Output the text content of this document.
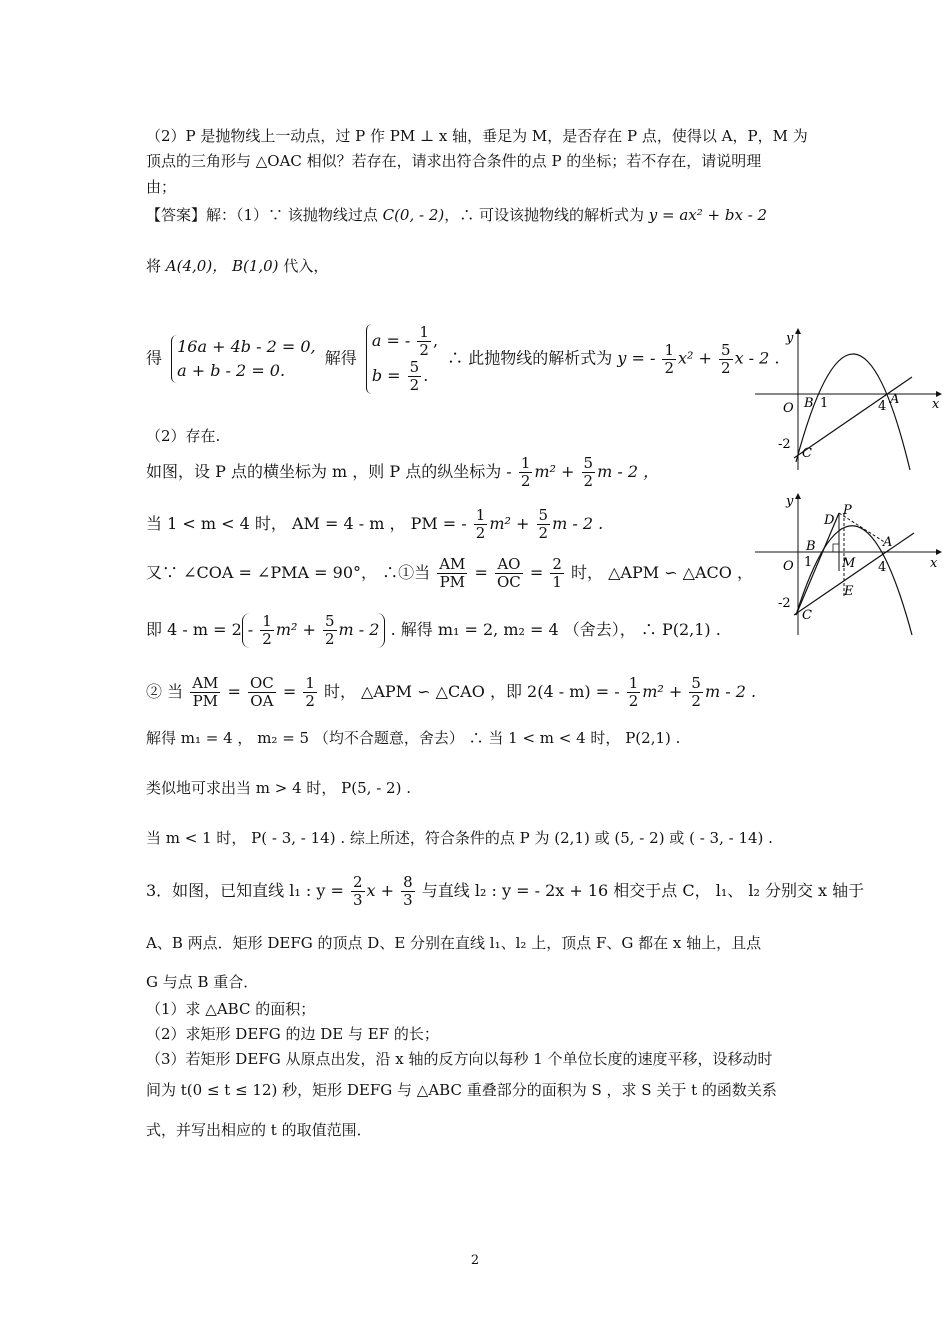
（2）P 是抛物线上一动点，过 P 作 PM ⊥ x 轴，垂足为 M，是否存在 P 点，使得以 A，P，M 为
顶点的三角形与 △OAC 相似？若存在，请求出符合条件的点 P 的坐标；若不存在，请说明理
由；
【答案】解：（1）∵ 该抛物线过点 C(0, - 2)，∴ 可设该抛物线的解析式为 y = ax² + bx - 2
将 A(4,0)， B(1,0) 代入，
得
16a + 4b - 2 = 0,
a + b - 2 = 0.
解得
a = - $\frac{1}{2}$ ,
$b = \frac{5}{2}$ .
∴ 此抛物线的解析式为 y = - $\frac{1}{2} x^2 + \frac{5}{2}$ x - 2 .
（2）存在.
如图，设 P 点的横坐标为 m ，则 P 点的纵坐标为 - $\frac{1}{2} m^2 + \frac{5}{2}$ m - 2 ，
当 1 < m < 4 时， AM = 4 - m ， PM = - $\frac{1}{2} m^2 + \frac{5}{2}$ m - 2 .
又∵ ∠COA = ∠PMA = 90°， ∴①当 $\frac{AM}{PM} = \frac{AO}{OC} = \frac{2}{1}$ 时， △APM ∽ △ACO ，
即 $4 - m = 2- \frac{1}{2} m^2 + \frac{5}{2}$ m - 2 . 解得 m₁ = 2, m₂ = 4 （舍去）， ∴ P(2,1) .
② 当 $\frac{AM}{PM} = \frac{OC}{OA} = \frac{1}{2}$ 时， △APM ∽ △CAO ，即 2(4 - m) = - $\frac{1}{2} m^2 + \frac{5}{2}$ m - 2 .
解得 m₁ = 4 ， m₂ = 5 （均不合题意，舍去） ∴ 当 1 < m < 4 时， P(2,1) .
类似地可求出当 m > 4 时， P(5, - 2) .
当 m < 1 时， P( - 3, - 14) . 综上所述，符合条件的点 P 为 (2,1) 或 (5, - 2) 或 ( - 3, - 14) .
3．如图，已知直线 l₁ : $y = \frac{2}{3}$ $x + \frac{8}{3}$ 与直线 l₂ : y = - 2x + 16 相交于点 C， l₁、 l₂ 分别交 x 轴于
A、B 两点．矩形 DEFG 的顶点 D、E 分别在直线 l₁、l₂ 上，顶点 F、G 都在 x 轴上，且点
G 与点 B 重合．
（1）求 △ABC 的面积；
（2）求矩形 DEFG 的边 DE 与 EF 的长；
（3）若矩形 DEFG 从原点出发，沿 x 轴的反方向以每秒 1 个单位长度的速度平移，设移动时
间为 t(0 ≤ t ≤ 12) 秒，矩形 DEFG 与 △ABC 重叠部分的面积为 S ，求 S 关于 t 的函数关系
式，并写出相应的 t 的取值范围．
y
x
O B 1	4 A
-2
C
y
x
O
B
1	4
A
-2
C
D
P
M
E
2
